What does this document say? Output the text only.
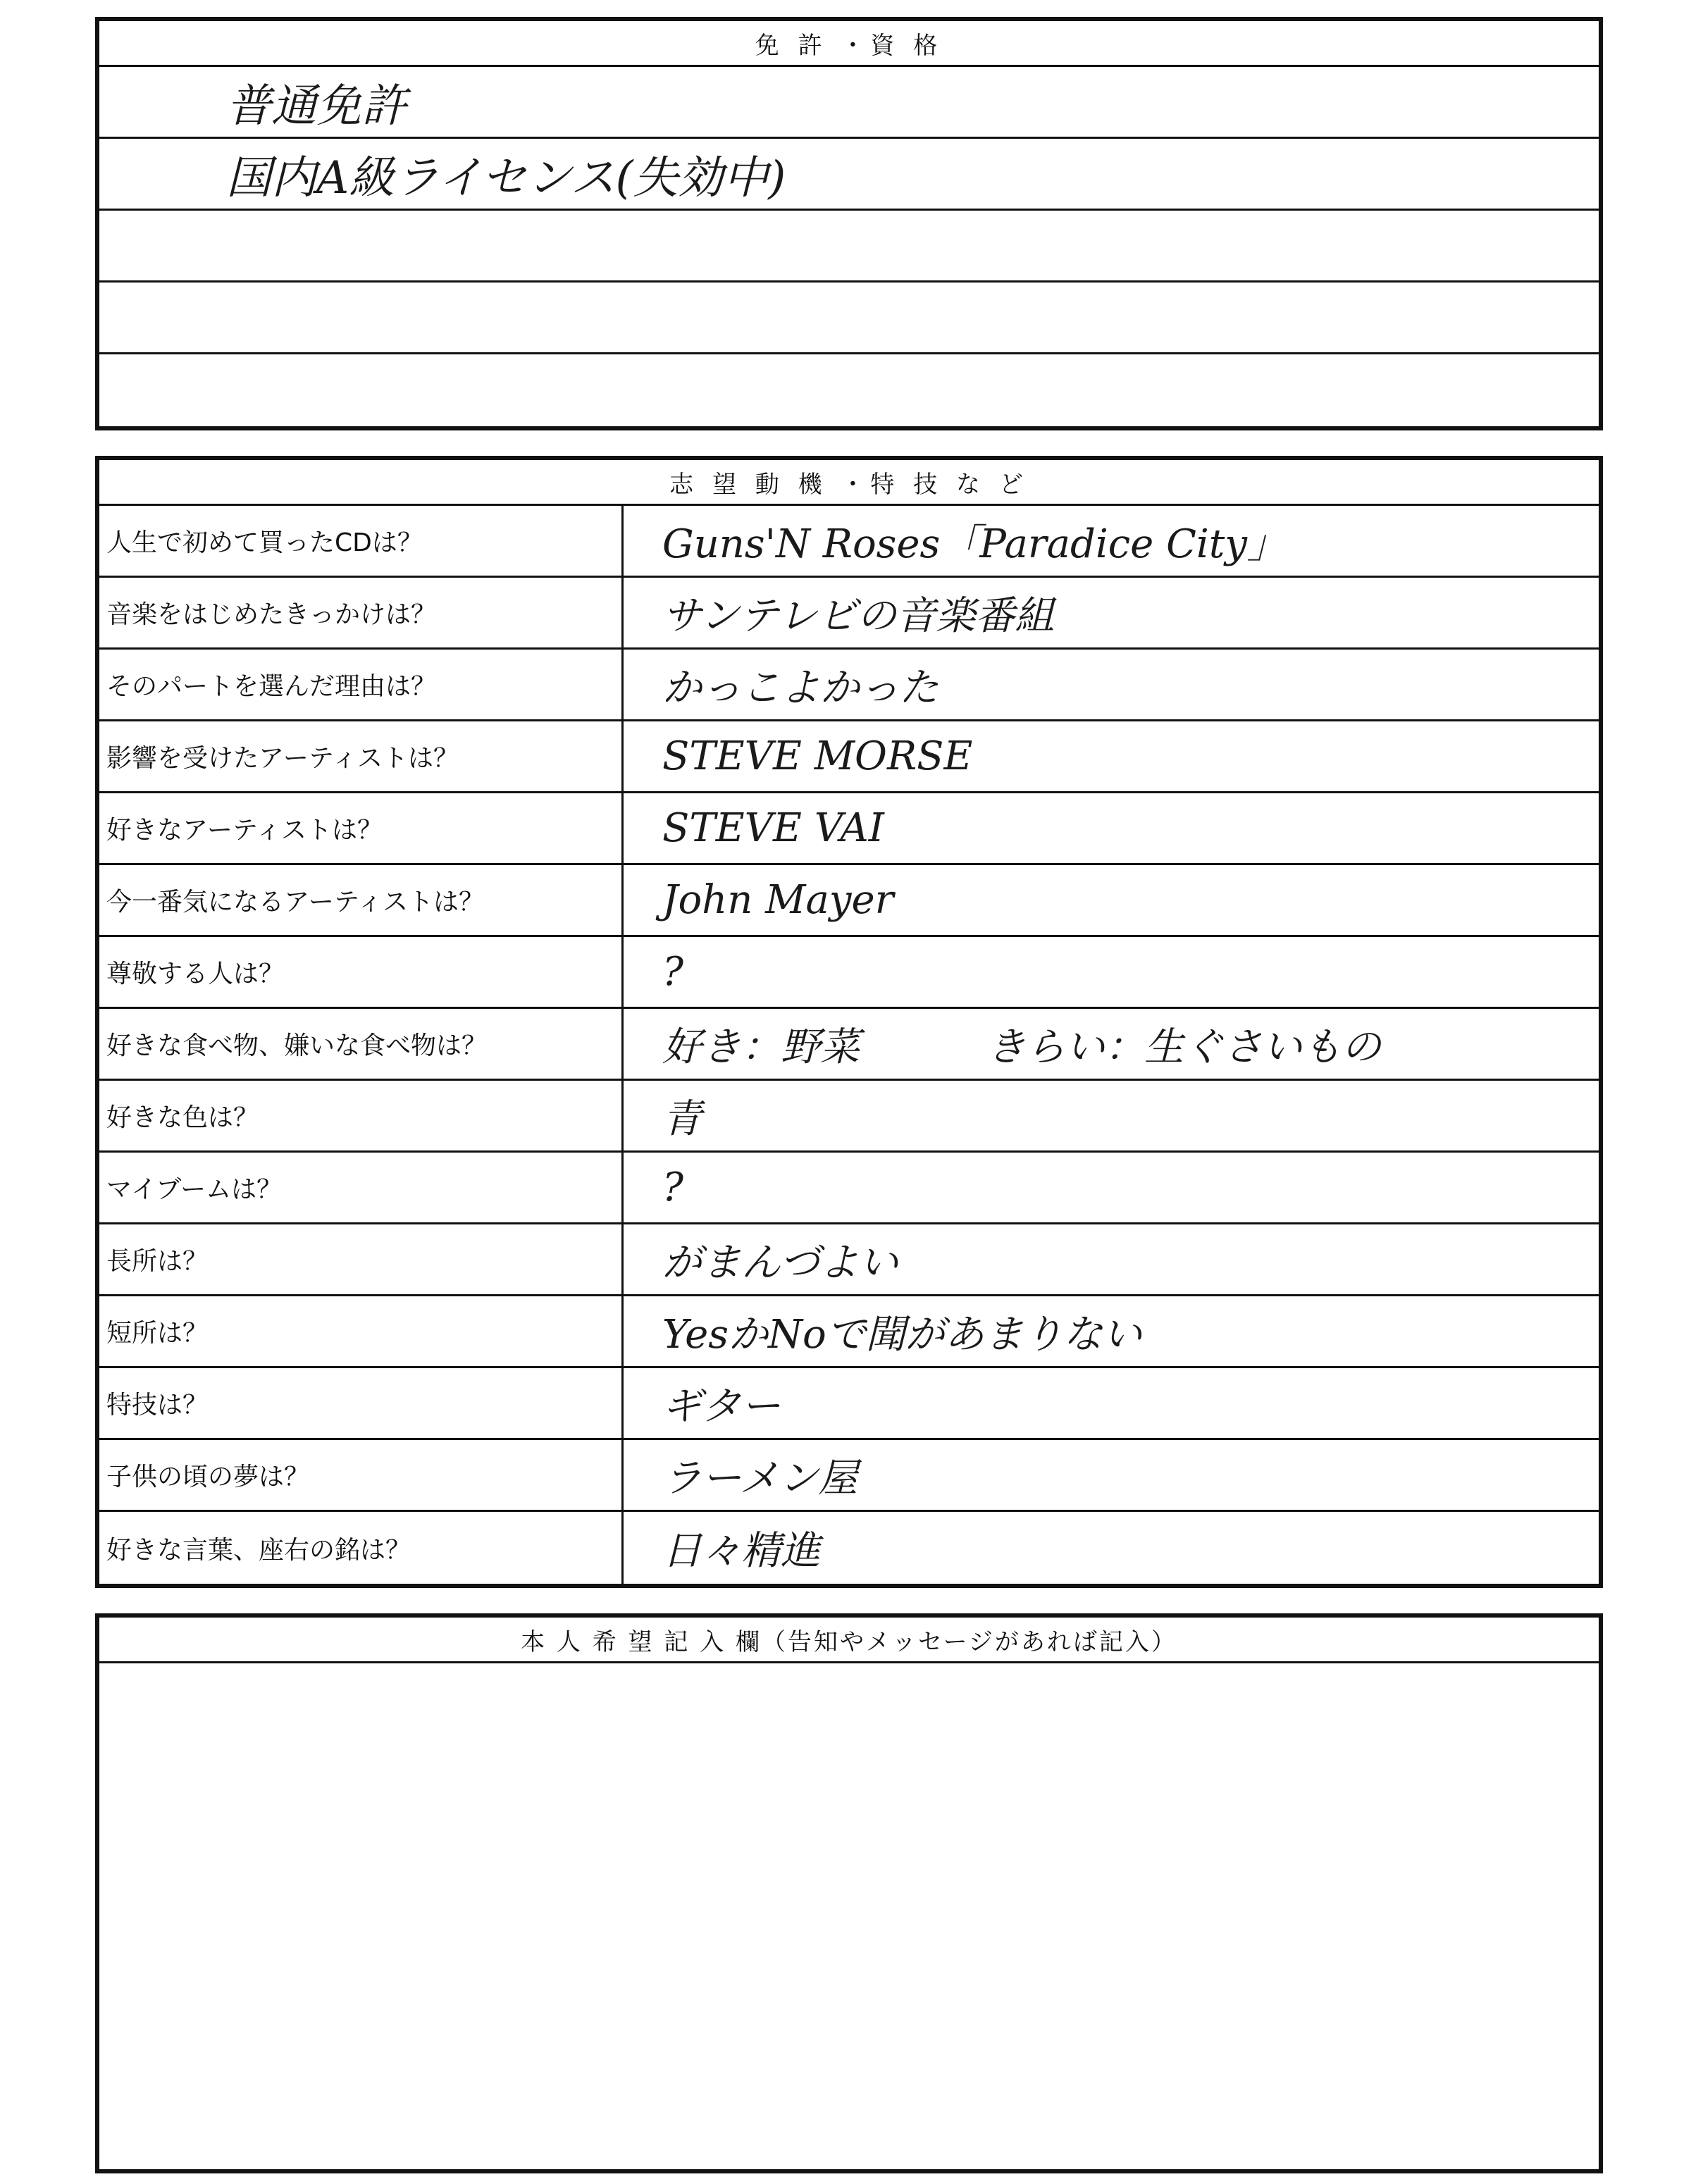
免 許 ・資 格
普通免許
国内A級ライセンス(失効中)
志 望 動 機 ・特 技 な ど
人生で初めて買ったCDは？	Guns'N Roses「Paradice City」
音楽をはじめたきっかけは？	サンテレビの音楽番組
そのパートを選んだ理由は？	かっこよかった
影響を受けたアーティストは？	STEVE MORSE
好きなアーティストは？	STEVE VAI
今一番気になるアーティストは？	John Mayer
尊敬する人は？	?
好きな食べ物、嫌いな食べ物は？	好き：野菜	きらい：生ぐさいもの
好きな色は？	青
マイブームは？	?
長所は？	がまんづよい
短所は？	YesかNoで聞があまりない
特技は？	ギター
子供の頃の夢は？	ラーメン屋
好きな言葉、座右の銘は？	日々精進
本 人 希 望 記 入 欄（告知やメッセージがあれば記入）
